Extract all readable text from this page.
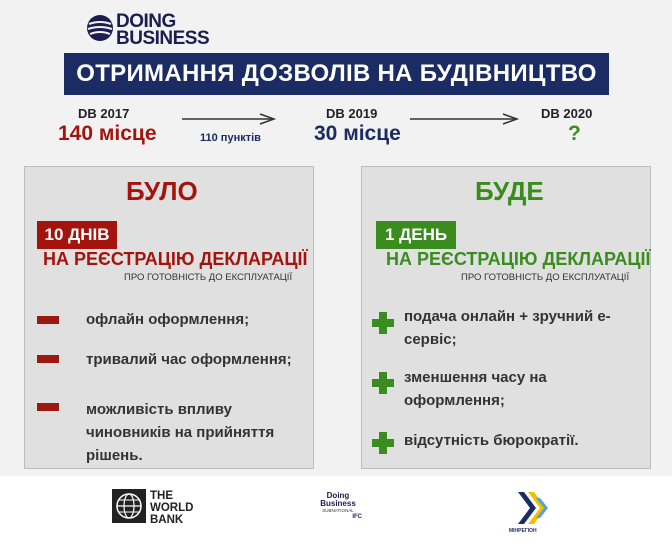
DOING
BUSINESS
ОТРИМАННЯ ДОЗВОЛІВ НА БУДІВНИЦТВО
DB 2017
140 місце	110 пунктів
DB 2019
30 місце
DB 2020
?
БУЛО
10 ДНІВ
НА РЕЄСТРАЦІЮ ДЕКЛАРАЦІЇ
ПРО ГОТОВНІСТЬ ДО ЕКСПЛУАТАЦІЇ
офлайн оформлення;
тривалий час оформлення;
можливість впливу чиновників на прийняття рішень.
БУДЕ
1 ДЕНЬ
НА РЕЄСТРАЦІЮ ДЕКЛАРАЦІЇ
ПРО ГОТОВНІСТЬ ДО ЕКСПЛУАТАЦІЇ
подача онлайн + зручний е-сервіс;
зменшення часу на оформлення;
відсутність бюрократії.
THE
WORLD
BANK
Doing
Business
SUBNATIONAL
IFC
МІНРЕГІОН
